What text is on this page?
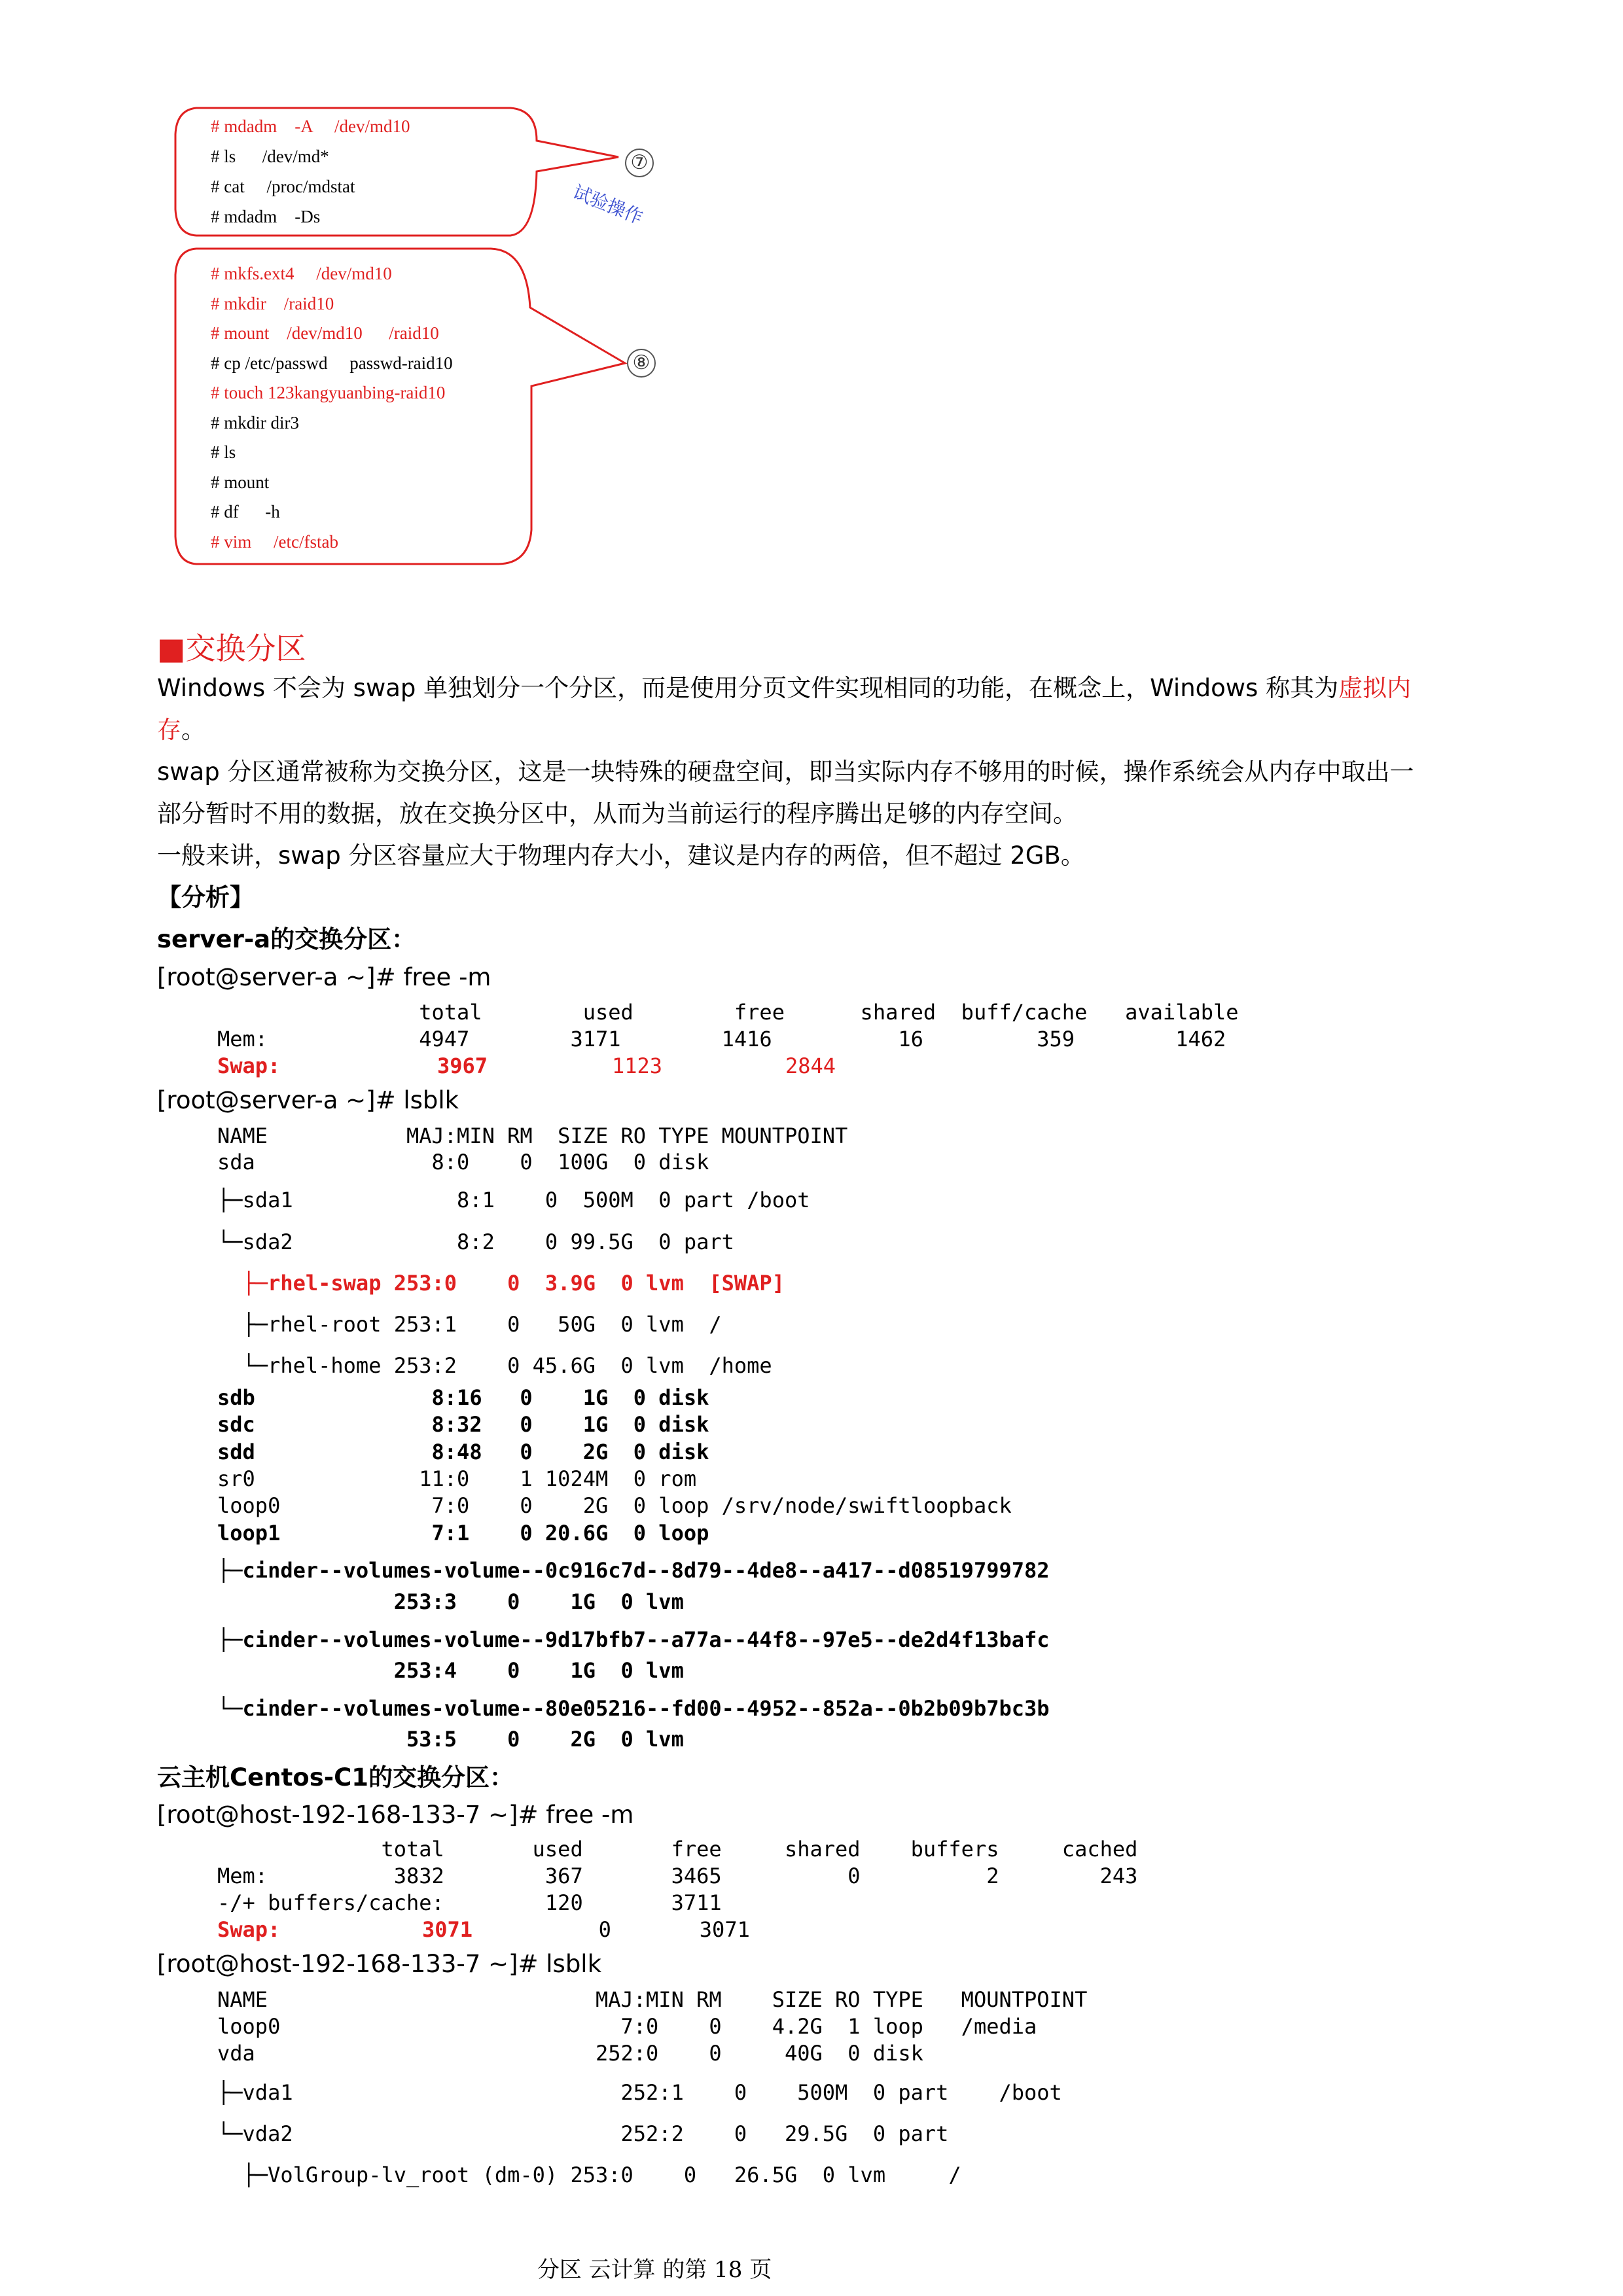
# mdadm    -A     /dev/md10
# ls      /dev/md*
# cat     /proc/mdstat
# mdadm    -Ds
⑦
试验操作
# mkfs.ext4     /dev/md10
# mkdir    /raid10
# mount    /dev/md10      /raid10
# cp /etc/passwd     passwd-raid10
# touch 123kangyuanbing-raid10
# mkdir dir3
# ls
# mount
# df      -h
# vim     /etc/fstab
⑧
■交换分区
Windows 不会为 swap 单独划分一个分区，而是使用分页文件实现相同的功能，在概念上，Windows 称其为虚拟内存。
swap 分区通常被称为交换分区，这是一块特殊的硬盘空间，即当实际内存不够用的时候，操作系统会从内存中取出一部分暂时不用的数据，放在交换分区中，从而为当前运行的程序腾出足够的内存空间。
一般来讲，swap 分区容量应大于物理内存大小，建议是内存的两倍，但不超过 2GB。
【分析】
server-a的交换分区：
[root@server-a ~]# free -m
total        used        free      shared  buff/cache   available
Mem:            4947        3171        1416          16         359        1462
Swap:	3967	1123	2844
[root@server-a ~]# lsblk
NAME           MAJ:MIN RM  SIZE RO TYPE MOUNTPOINT
sda              8:0    0  100G  0 disk
├─sda1             8:1    0  500M  0 part /boot
└─sda2             8:2    0 99.5G  0 part
├─rhel-swap 253:0    0  3.9G  0 lvm  [SWAP]
├─rhel-root 253:1    0   50G  0 lvm  /
└─rhel-home 253:2    0 45.6G  0 lvm  /home
sdb              8:16   0    1G  0 disk
sdc              8:32   0    1G  0 disk
sdd              8:48   0    2G  0 disk
sr0             11:0    1 1024M  0 rom
loop0            7:0    0    2G  0 loop /srv/node/swiftloopback
loop1            7:1    0 20.6G  0 loop
├─cinder--volumes-volume--0c916c7d--8d79--4de8--a417--d08519799782
253:3    0    1G  0 lvm
├─cinder--volumes-volume--9d17bfb7--a77a--44f8--97e5--de2d4f13bafc
253:4    0    1G  0 lvm
└─cinder--volumes-volume--80e05216--fd00--4952--852a--0b2b09b7bc3b
53:5    0    2G  0 lvm
云主机Centos-C1的交换分区：
[root@host-192-168-133-7 ~]# free -m
total       used       free     shared    buffers     cached
Mem:          3832        367       3465          0          2        243
-/+ buffers/cache:        120       3711
Swap:	3071 0       3071
[root@host-192-168-133-7 ~]# lsblk
NAME                          MAJ:MIN RM    SIZE RO TYPE   MOUNTPOINT
loop0                           7:0    0    4.2G  1 loop   /media
vda                           252:0    0     40G  0 disk
├─vda1                          252:1    0    500M  0 part    /boot
└─vda2                          252:2    0   29.5G  0 part
├─VolGroup-lv_root (dm-0) 253:0    0   26.5G  0 lvm     /
分区 云计算 的第 18 页
